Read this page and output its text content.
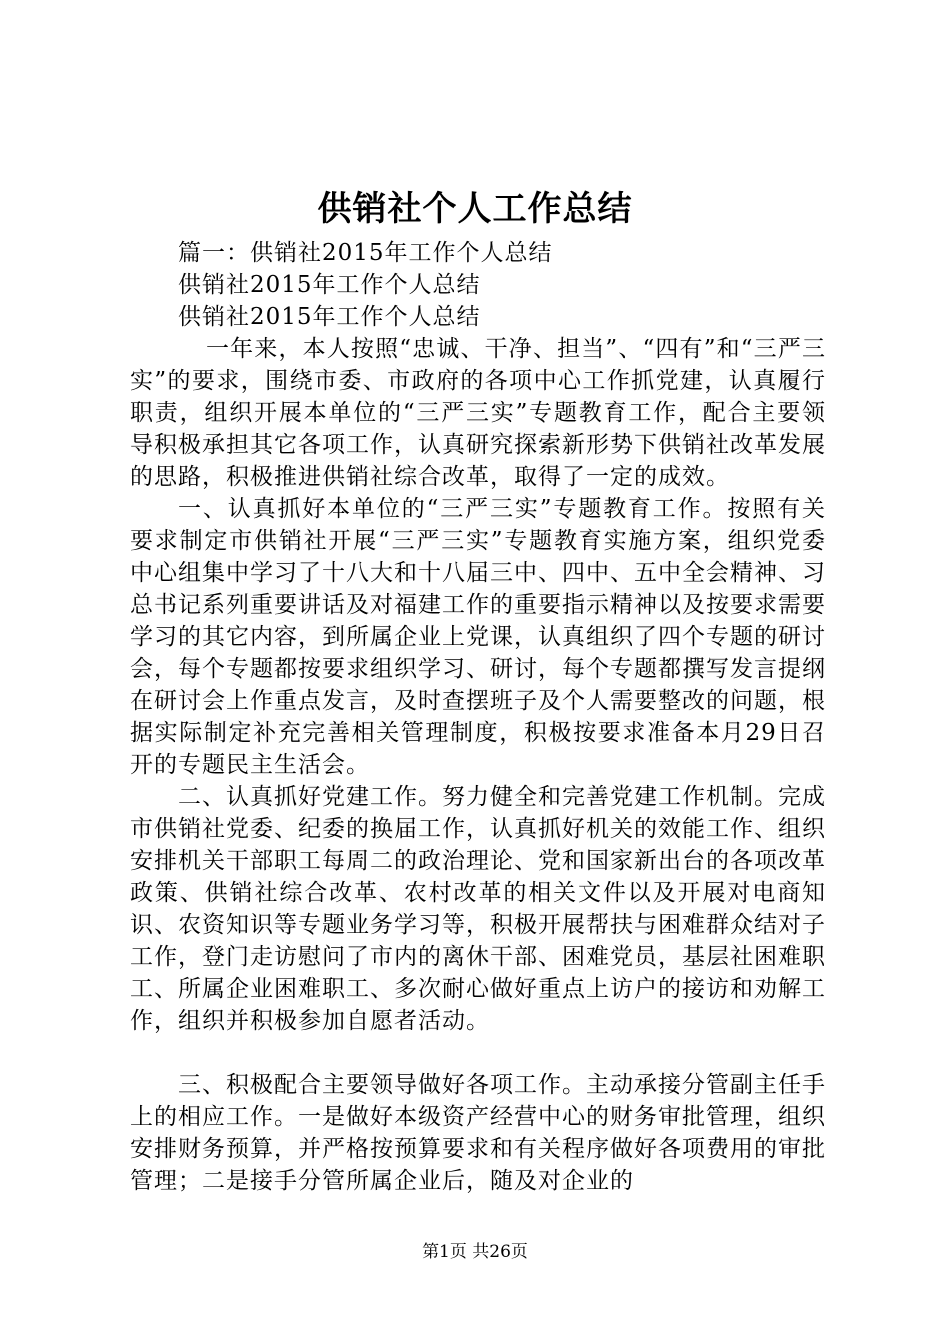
供销社个人工作总结

篇一：供销社2015年工作个人总结

供销社2015年工作个人总结

供销社2015年工作个人总结

一年来，本人按照“忠诚、干净、担当”、“四有”和“三严三实”的要求，围绕市委、市政府的各项中心工作抓党建，认真履行职责，组织开展本单位的“三严三实”专题教育工作，配合主要领导积极承担其它各项工作，认真研究探索新形势下供销社改革发展的思路，积极推进供销社综合改革，取得了一定的成效。

一、认真抓好本单位的“三严三实”专题教育工作。按照有关要求制定市供销社开展“三严三实”专题教育实施方案，组织党委中心组集中学习了十八大和十八届三中、四中、五中全会精神、习总书记系列重要讲话及对福建工作的重要指示精神以及按要求需要学习的其它内容，到所属企业上党课，认真组织了四个专题的研讨会，每个专题都按要求组织学习、研讨，每个专题都撰写发言提纲在研讨会上作重点发言，及时查摆班子及个人需要整改的问题，根据实际制定补充完善相关管理制度，积极按要求准备本月29日召开的专题民主生活会。

二、认真抓好党建工作。努力健全和完善党建工作机制。完成市供销社党委、纪委的换届工作，认真抓好机关的效能工作、组织安排机关干部职工每周二的政治理论、党和国家新出台的各项改革政策、供销社综合改革、农村改革的相关文件以及开展对电商知识、农资知识等专题业务学习等，积极开展帮扶与困难群众结对子工作，登门走访慰问了市内的离休干部、困难党员，基层社困难职工、所属企业困难职工、多次耐心做好重点上访户的接访和劝解工作，组织并积极参加自愿者活动。

三、积极配合主要领导做好各项工作。主动承接分管副主任手上的相应工作。一是做好本级资产经营中心的财务审批管理，组织安排财务预算，并严格按预算要求和有关程序做好各项费用的审批管理；二是接手分管所属企业后，随及对企业的

第1页 共26页
